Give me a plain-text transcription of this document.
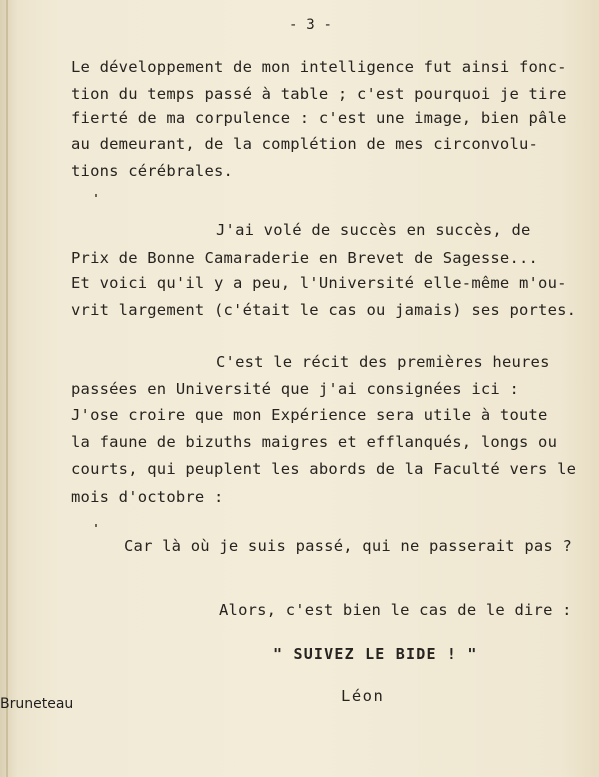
- 3 -

Le développement de mon intelligence fut ainsi fonc-

tion du temps passé à table ; c'est pourquoi je tire

fierté de ma corpulence : c'est une image, bien pâle

au demeurant, de la complétion de mes circonvolu-

tions cérébrales.

J'ai volé de succès en succès, de

Prix de Bonne Camaraderie en Brevet de Sagesse...

Et voici qu'il y a peu, l'Université elle-même m'ou-

vrit largement (c'était le cas ou jamais) ses portes.

C'est le récit des premières heures

passées en Université que j'ai consignées ici :

J'ose croire que mon Expérience sera utile à toute

la faune de bizuths maigres et efflanqués, longs ou

courts, qui peuplent les abords de la Faculté vers le

mois d'octobre :

Car là où je suis passé, qui ne passerait pas ?

Alors, c'est bien le cas de le dire :

" SUIVEZ LE BIDE ! "

Léon

Bruneteau
